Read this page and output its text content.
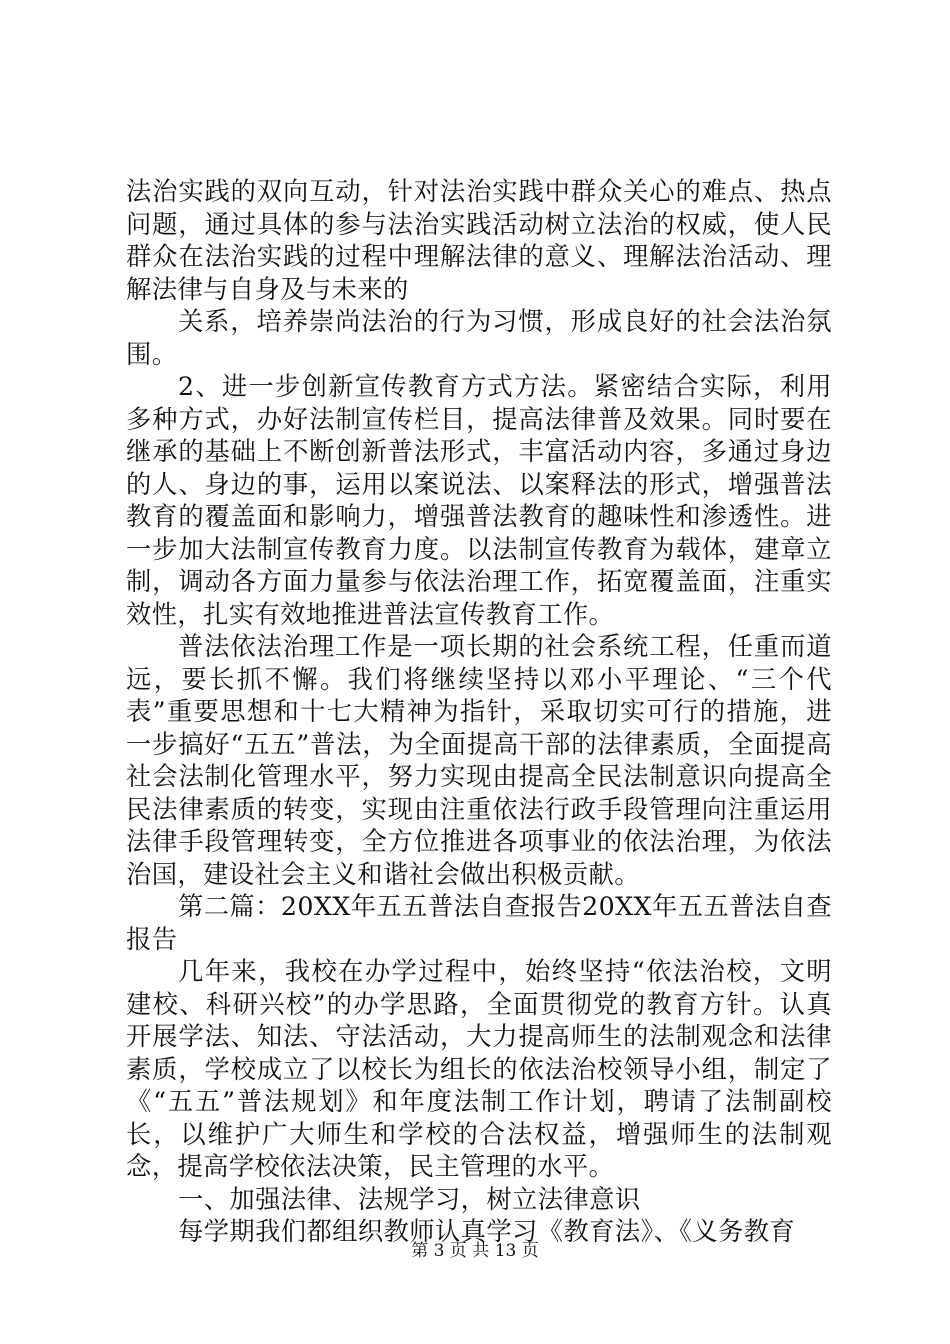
法治实践的双向互动，针对法治实践中群众关心的难点、热点问题，通过具体的参与法治实践活动树立法治的权威，使人民群众在法治实践的过程中理解法律的意义、理解法治活动、理解法律与自身及与未来的

关系，培养崇尚法治的行为习惯，形成良好的社会法治氛围。

2、进一步创新宣传教育方式方法。紧密结合实际，利用多种方式，办好法制宣传栏目，提高法律普及效果。同时要在继承的基础上不断创新普法形式，丰富活动内容，多通过身边的人、身边的事，运用以案说法、以案释法的形式，增强普法教育的覆盖面和影响力，增强普法教育的趣味性和渗透性。进一步加大法制宣传教育力度。以法制宣传教育为载体，建章立制，调动各方面力量参与依法治理工作，拓宽覆盖面，注重实效性，扎实有效地推进普法宣传教育工作。

普法依法治理工作是一项长期的社会系统工程，任重而道远，要长抓不懈。我们将继续坚持以邓小平理论、“三个代表”重要思想和十七大精神为指针，采取切实可行的措施，进一步搞好“五五”普法，为全面提高干部的法律素质，全面提高社会法制化管理水平，努力实现由提高全民法制意识向提高全民法律素质的转变，实现由注重依法行政手段管理向注重运用法律手段管理转变，全方位推进各项事业的依法治理，为依法治国，建设社会主义和谐社会做出积极贡献。

第二篇：20XX年五五普法自查报告20XX年五五普法自查报告

几年来，我校在办学过程中，始终坚持“依法治校，文明建校、科研兴校”的办学思路，全面贯彻党的教育方针。认真开展学法、知法、守法活动，大力提高师生的法制观念和法律素质，学校成立了以校长为组长的依法治校领导小组，制定了《“五五”普法规划》和年度法制工作计划，聘请了法制副校长，以维护广大师生和学校的合法权益，增强师生的法制观念，提高学校依法决策，民主管理的水平。

一、加强法律、法规学习，树立法律意识

每学期我们都组织教师认真学习《教育法》、《义务教育

第 3 页 共 13 页
